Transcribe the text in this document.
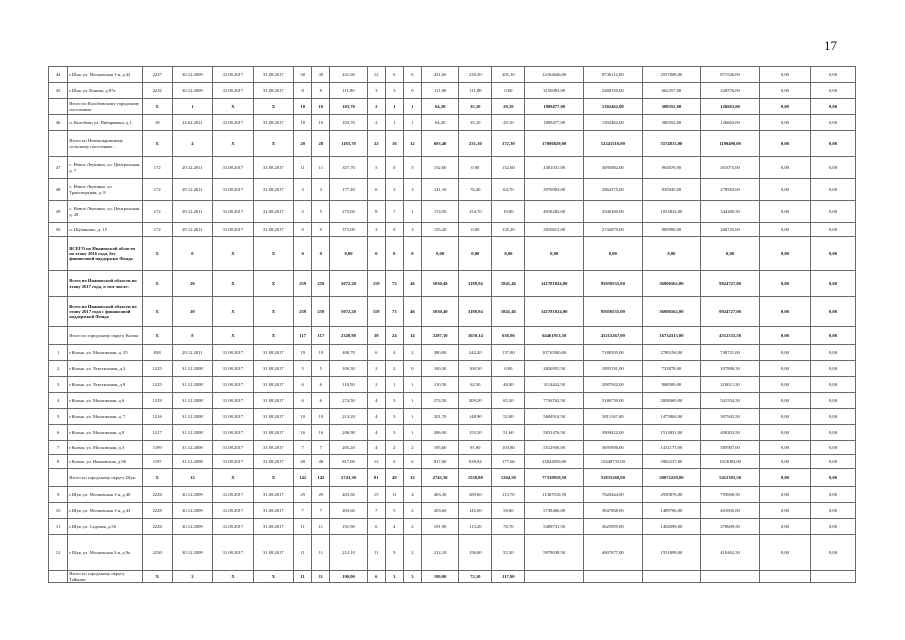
17
44	г.Шуя, ул. Московская 1-я, д.42	2227	30.12.2009	31.08.2017	31.08.2017	30	30	431,60	12	6	6	431,60	230,50	201,10	12164646,00	8736112,00	2557008,00	871526,00	0,00	0,00
45	г.Шуя, ул.Ленина, д.87а	2232	30.12.2009	31.08.2017	31.08.2017	8	8	111,80	3	3	0	111,80	111,80	0,00	3150083,00	2268150,00	662357,00	220576,00	0,00	0,00
	Итого по Колобовскому городскому поселению:	X	1	X	X	10	10	103,70	2	1	1	64,20	35,10	29,10	1809477,00	1302462,00	380352,00	126663,00	0,00	0,00
46	п. Колобово ул. Пибарковка, д.1	18	24.02.2011	31.08.2017	31.08.2017	10	10	103,70	2	1	1	64,20	35,10	29,10	1809477,00	1302462,00	380352,00	126663,00	0,00	0,00
	Итого по Новопокровскому сельскому поселению :	X	4	X	X	28	28	1183,70	22	16	12	603,40	231,10	372,30	17006829,00	12241516,00	3574813,00	1190490,00	0,00	0,00
47	с. Новое Леушино, ул. Центральная, д. 7	172	29.12.2011	31.08.2017	31.08.2017	11	11	357,70	5	0	5	152,60	0,00	152,60	4301031,00	3095882,00	904076,00	301073,00	0,00	0,00
48	с. Новое Леушино, ул. Транспортная, д. 8	172	29.12.2011	31.08.2017	31.08.2017	3	3	177,40	6	3	3	141,10	76,40	64,70	3976903,00	2862375,00	835945,00	278583,00	0,00	0,00
49	с. Новое Леушино, ул. Центральная, д. 28	172	29.12.2011	31.08.2017	31.08.2017	5	5	273,60	8	7	1	174,50	154,70	19,80	4918282,00	3540160,00	1033832,00	344280,50	0,00	0,00
50	п. Шуминово, д. 15	172	29.12.2011	31.08.2017	31.08.2017	9	9	375,00	3	0	3	135,20	0,00	135,20	3810613,00	2742879,00	800990,00	266743,00	0,00	0,00
	ВСЕГО по Ивановской области по этапу 2016 года, без финансовой поддержки Фонда	X	0	X	X	0	0	0,00	0	0	0	0,00	0,00	0,00	0,00	0,00	0,00	0,00	0,00	0,00
	Всего по Ивановской области по этапу 2017 года, в том числе:	X	20	X	X	259	259	5072,20	119	73	46	5030,40	3188,94	1841,46	141781824,00	95050535,00	36806562,00	9924727,00	0,00	0,00
	Всего по Ивановской области по этапу 2017 года с финансовой поддержкой Фонда	X	20	X	X	259	259	5072,20	119	73	46	5030,40	3188,94	1841,46	141781824,00	95050535,00	36806562,00	9924727,00	0,00	0,00
	Итого по городскому округу Кохма	X	8	X	X	117	117	2328,90	38	24	14	2287,10	1650,14	636,96	64461913,50	43215267,00	16734313,00	4512333,50	0,00	0,00
1	г.Кохма, ул. Московская, д. 35	828	29.12.2011	31.08.2017	31.08.2017	19	19	400,70	6	4	2	380,00	242,20	137,80	10710300,00	7180395,00	2780194,00	749721,00	0,00	0,00
2	г.Кохма, ул. Текстильная, д.2	1225	31.12.2008	31.08.2017	31.08.2017	5	5	100,30	2	2	0	100,30	100,30	0,00	2826955,50	1895191,00	733878,00	197886,50	0,00	0,00
3	г.Кохма, ул. Текстильная, д.8	1225	31.12.2008	31.08.2017	31.08.2017	6	6	110,50	2	1	1	110,50	62,50	48,00	3114442,50	2087922,00	808509,00	218011,50	0,00	0,00
4	г.Кохма, ул. Московская, д.6	1219	31.12.2008	31.08.2017	31.08.2017	6	6	274,50	4	3	1	274,50	209,20	65,30	7736762,50	5186739,00	2008469,00	541554,50	0,00	0,00
5	г.Кохма, ул. Московская, д. 7	1216	31.12.2008	31.08.2017	31.08.2017	10	10	213,20	4	3	1	201,70	148,90	52,80	5684914,50	3811167,00	1475804,00	397943,50	0,00	0,00
6	г.Кохма, ул. Московская, д.8	1217	31.12.2008	31.08.2017	31.08.2017	16	16	206,90	4	3	1	206,90	155,30	51,60	5831476,50	3909422,00	1513851,00	408203,50	0,00	0,00
7	г.Кохма, ул. Московская, д.3	1199	31.12.2008	31.08.2017	31.08.2017	7	7	205,20	4	2	2	195,60	91,80	103,80	5512956,00	3695906,00	1431171,00	385907,00	0,00	0,00
8	г.Кохма, ул. Ивановская, д.96	1197	31.12.2008	31.08.2017	31.08.2017	48	48	817,60	12	6	6	817,60	639,94	177,66	23044056,00	15448735,00	5982237,00	1613084,00	0,00	0,00
	Итого по городскому округу Шуя:	X	12	X	X	142	142	2743,30	81	49	32	2743,30	1538,80	1204,50	77319910,50	51835268,00	20072229,00	5412393,50	0,00	0,00
9	г.Шуя, ул. Московская 1-я, д.40	2226	30.12.2009	31.08.2017	31.08.2017	29	29	403,30	15	11	4	403,30	289,60	113,70	11367010,50	7620444,00	2950876,00	795690,50	0,00	0,00
10	г.Шуя, ул. Московская 1-я, д.43	2228	30.12.2009	31.08.2017	31.08.2017	7	7	203,60	7	5	2	203,60	145,00	58,60	5738466,00	3847068,00	1489706,00	401692,00	0,00	0,00
11	г.Шуя, ул. Садовая, д.56	2226	30.12.2009	31.08.2017	31.08.2017	11	11	191,90	6	4	2	191,90	113,20	78,70	5408731,50	3625995,00	1404099,00	378609,50	0,00	0,00
12	г.Шуя, ул. Московская 2-я, д.9а	2230	30.12.2009	31.08.2017	31.08.2017	11	11	212,10	11	9	2	212,10	156,80	55,30	5978038,50	4007677,00	1551899,00	418462,50	0,00	0,00
	Итого по городскому округу Тейково:	X	2	X	X	11	11	190,00	6	3	3	190,00	72,10	117,90						
